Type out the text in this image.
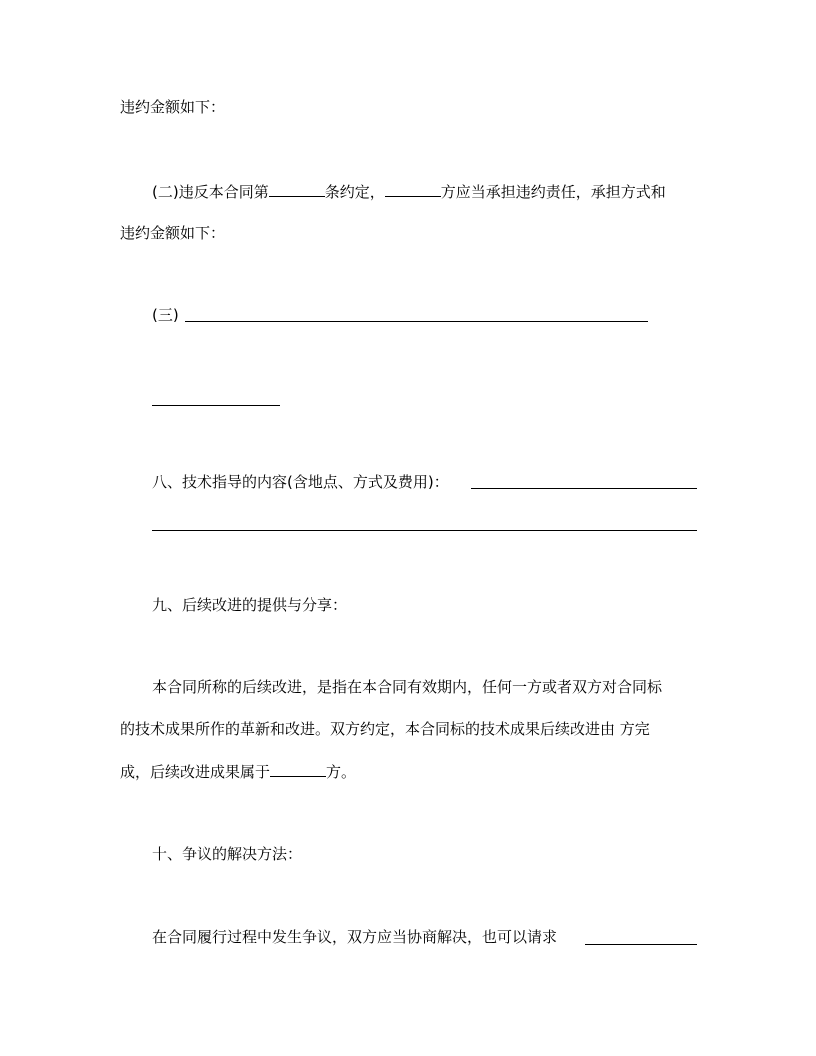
违约金额如下：
(二)违反本合同第	条约定，	方应当承担违约责任，承担方式和
违约金额如下：
(三)
八、技术指导的内容(含地点、方式及费用)：
九、后续改进的提供与分享：
本合同所称的后续改进，是指在本合同有效期内，任何一方或者双方对合同标
的技术成果所作的革新和改进。双方约定，本合同标的技术成果后续改进由 方完
成，后续改进成果属于	方。
十、争议的解决方法：
在合同履行过程中发生争议，双方应当协商解决，也可以请求
